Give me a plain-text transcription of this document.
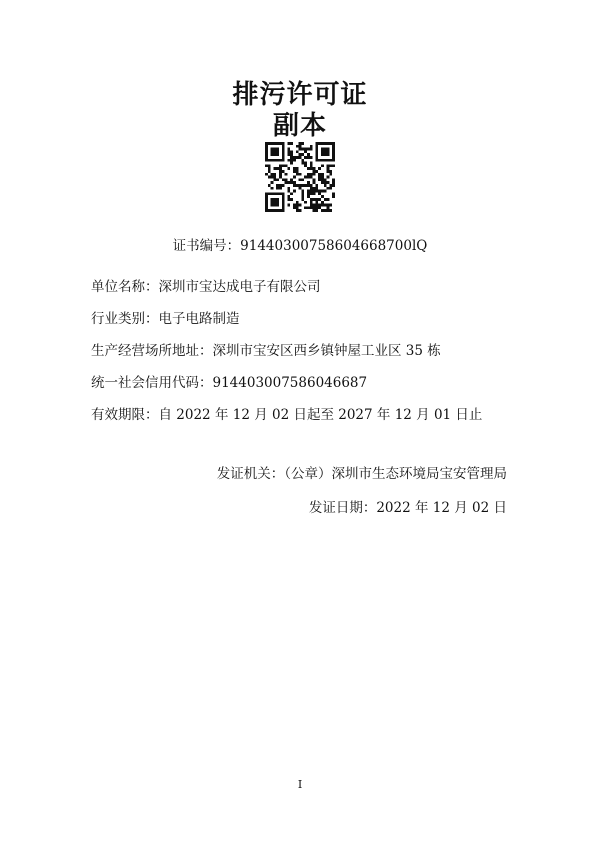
排污许可证
副本
证书编号：91440300758604668700lQ
单位名称：深圳市宝达成电子有限公司
行业类别：电子电路制造
生产经营场所地址：深圳市宝安区西乡镇钟屋工业区 35 栋
统一社会信用代码：914403007586046687
有效期限：自 2022 年 12 月 02 日起至 2027 年 12 月 01 日止
发证机关：（公章）深圳市生态环境局宝安管理局
发证日期：2022 年 12 月 02 日
I
